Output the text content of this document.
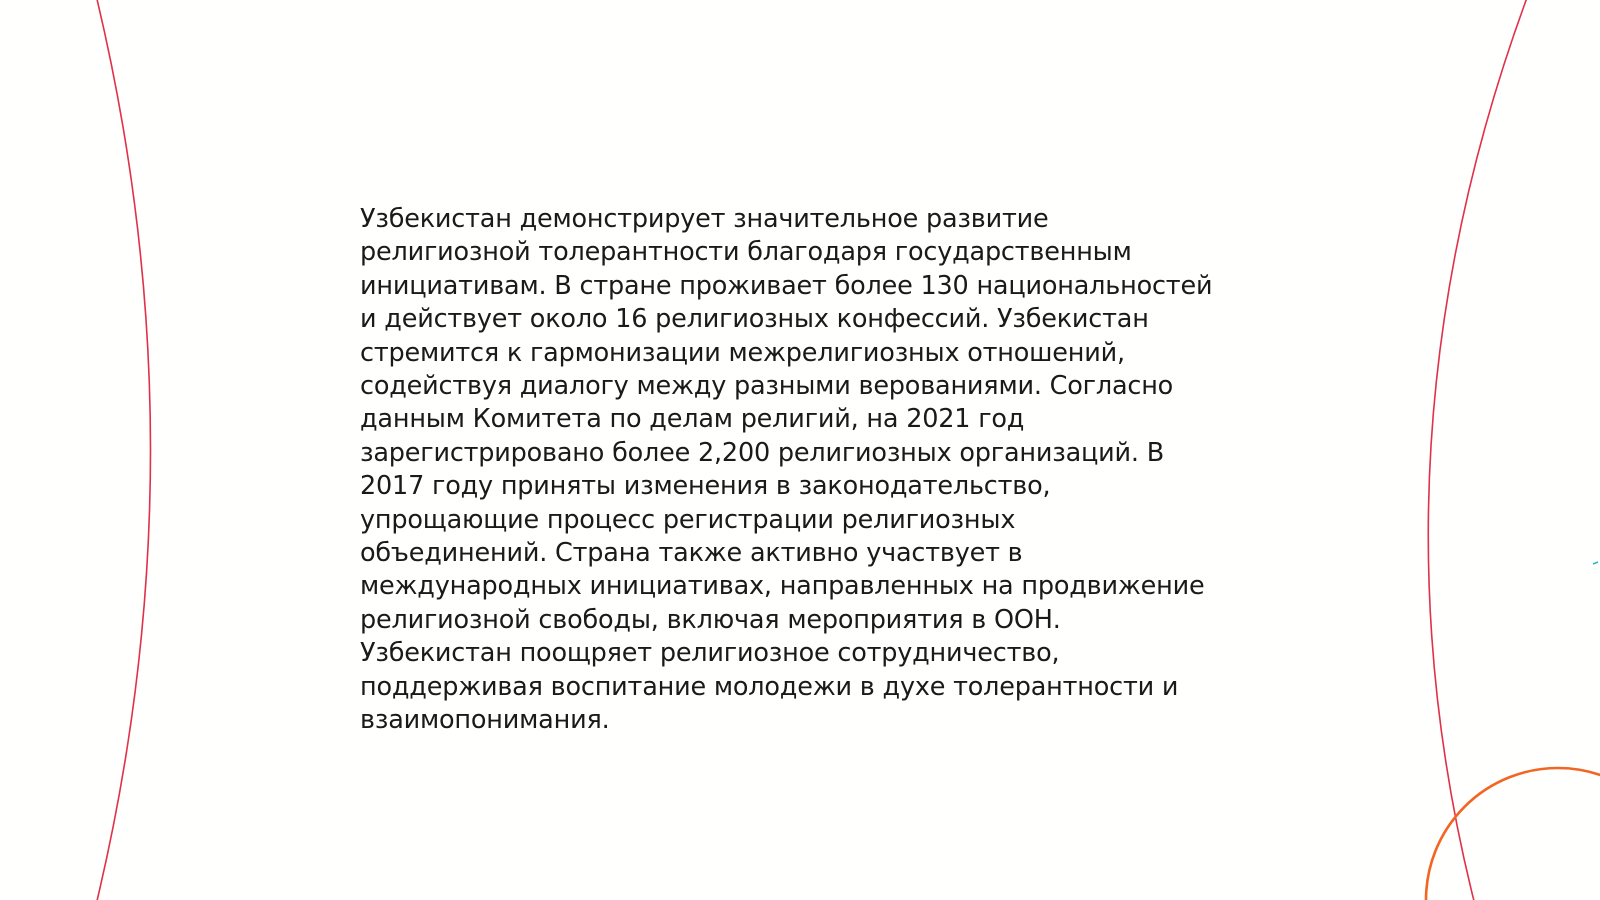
Узбекистан демонстрирует значительное развитие
религиозной толерантности благодаря государственным
инициативам. В стране проживает более 130 национальностей
и действует около 16 религиозных конфессий. Узбекистан
стремится к гармонизации межрелигиозных отношений,
содействуя диалогу между разными верованиями. Согласно
данным Комитета по делам религий, на 2021 год
зарегистрировано более 2,200 религиозных организаций. В
2017 году приняты изменения в законодательство,
упрощающие процесс регистрации религиозных
объединений. Страна также активно участвует в
международных инициативах, направленных на продвижение
религиозной свободы, включая мероприятия в ООН.
Узбекистан поощряет религиозное сотрудничество,
поддерживая воспитание молодежи в духе толерантности и
взаимопонимания.
